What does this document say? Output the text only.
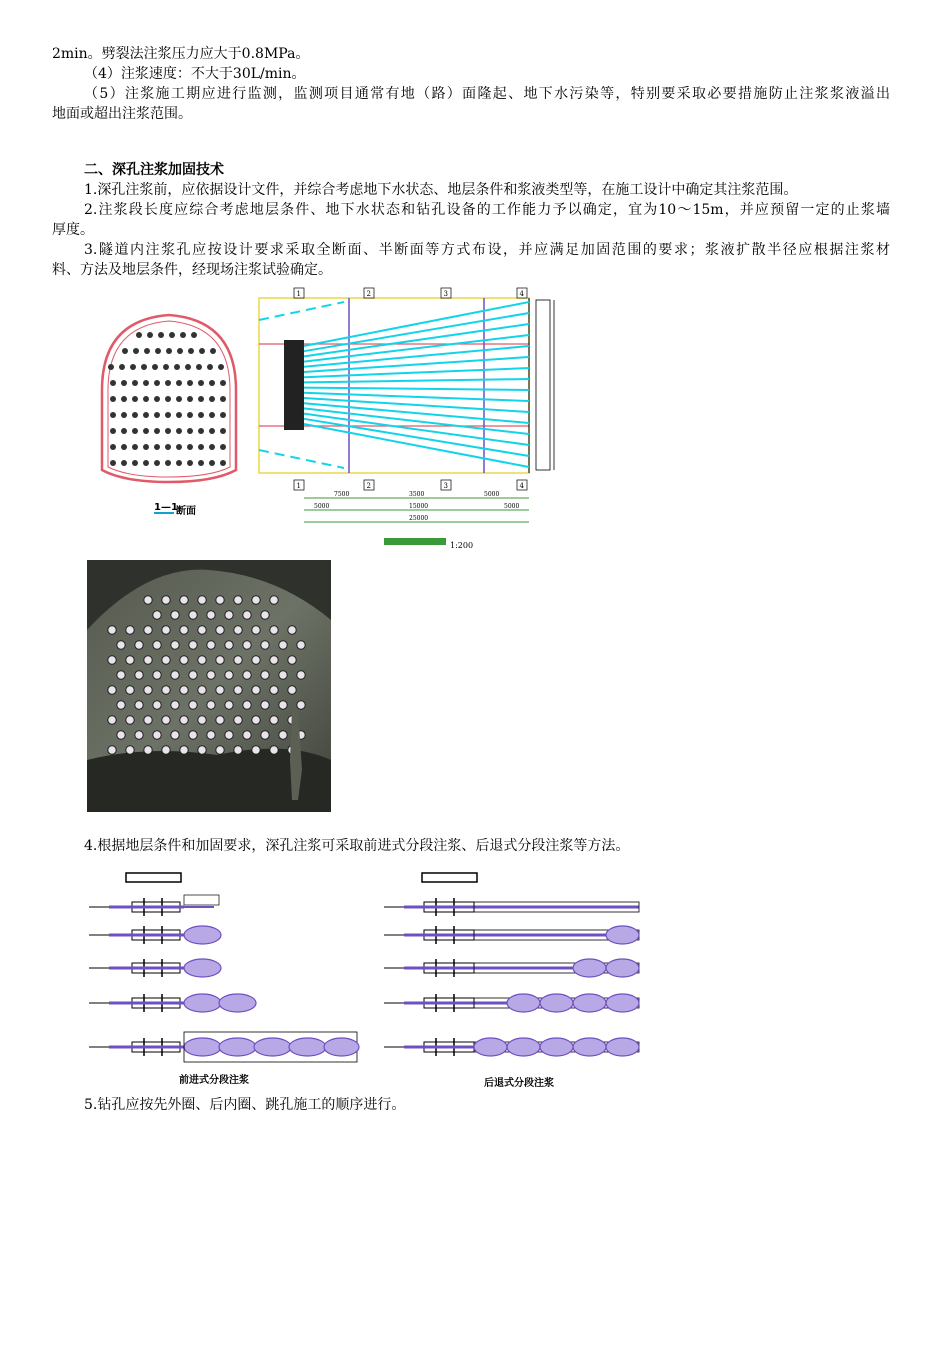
2min。劈裂法注浆压力应大于0.8MPa。
（4）注浆速度：不大于30L/min。
（5）注浆施工期应进行监测，监测项目通常有地（路）面隆起、地下水污染等，特别要采取必要措施防止注浆浆液溢出
地面或超出注浆范围。
二、深孔注浆加固技术
1.深孔注浆前，应依据设计文件，并综合考虑地下水状态、地层条件和浆液类型等，在施工设计中确定其注浆范围。
2.注浆段长度应综合考虑地层条件、地下水状态和钻孔设备的工作能力予以确定，宜为10～15m，并应预留一定的止浆墙
厚度。
3.隧道内注浆孔应按设计要求采取全断面、半断面等方式布设，并应满足加固范围的要求；浆液扩散半径应根据注浆材
料、方法及地层条件，经现场注浆试验确定。
1—1
断面
1
1
2
2
3
3
4
4
7500	3500	5000
5000	15000	5000
25000
1:200
4.根据地层条件和加固要求，深孔注浆可采取前进式分段注浆、后退式分段注浆等方法。
前进式分段注浆	后退式分段注浆
5.钻孔应按先外圈、后内圈、跳孔施工的顺序进行。
